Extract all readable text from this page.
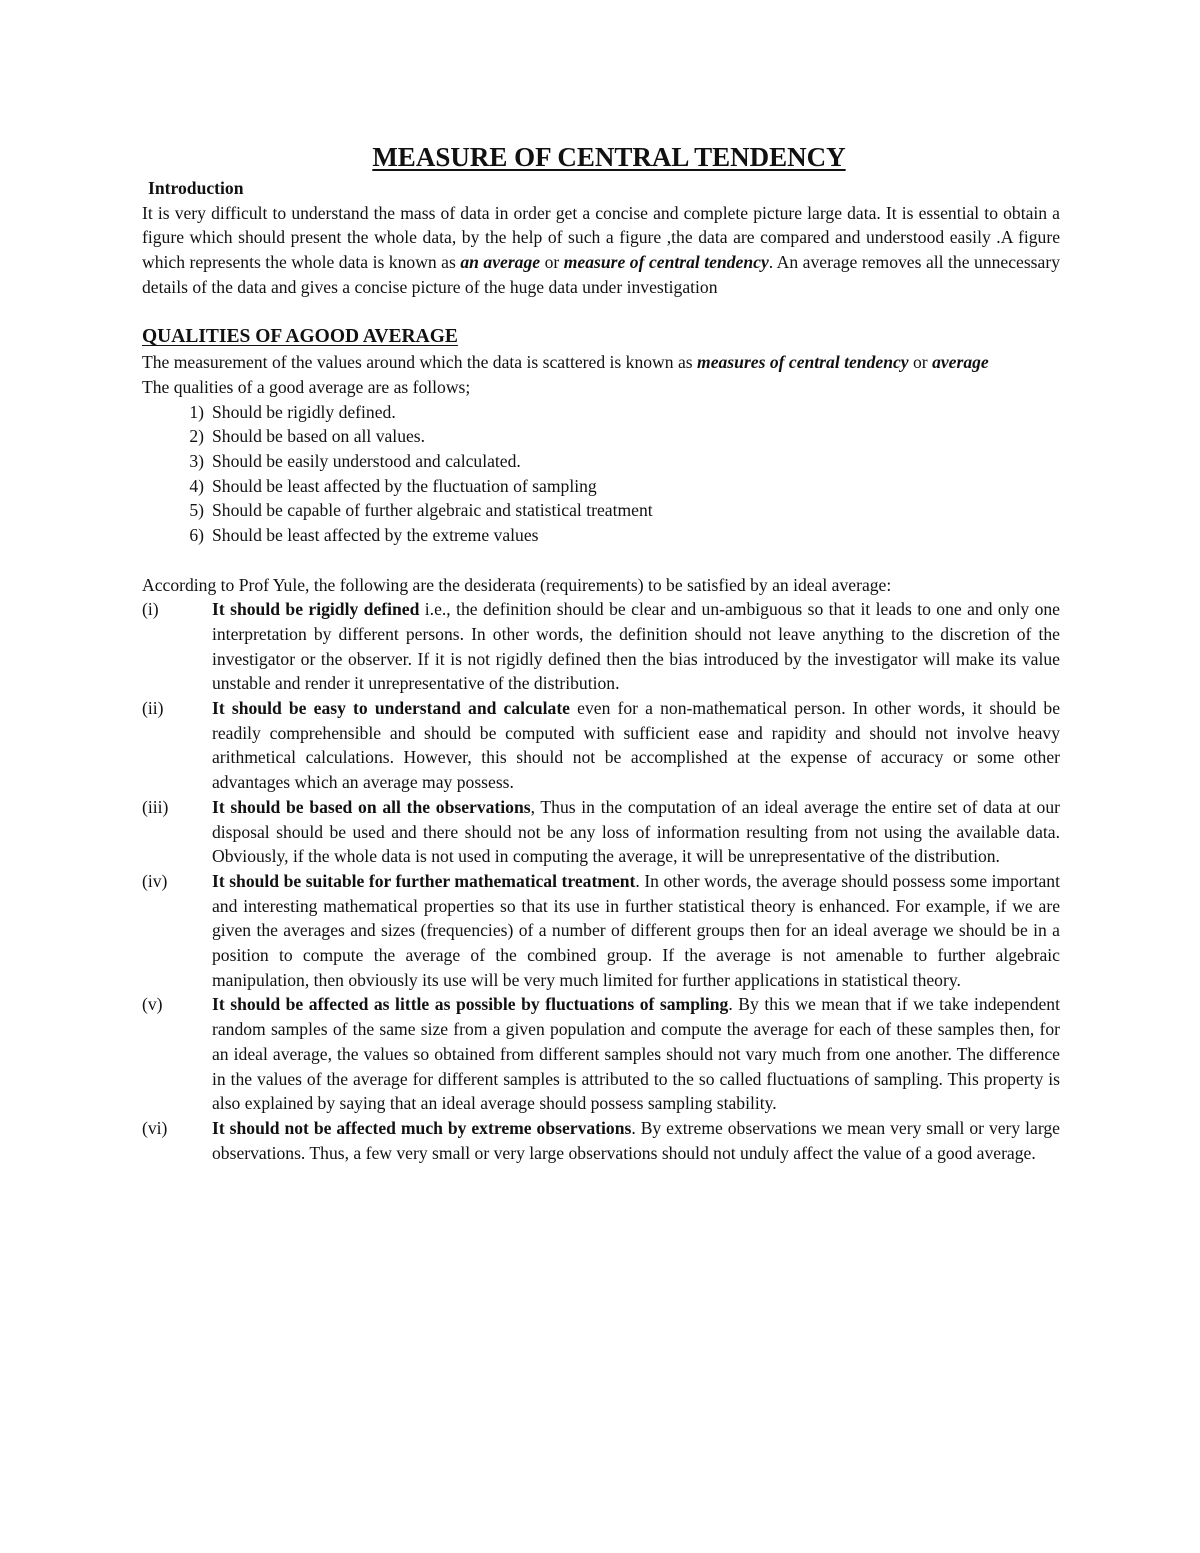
MEASURE OF CENTRAL TENDENCY
Introduction

It is very difficult to understand the mass of data in order get a concise and complete picture large data. It is essential to obtain a figure which should present the whole data, by the help of such a figure ,the data are compared and understood easily .A figure which represents the whole data is known as an average or measure of central tendency. An average removes all the unnecessary details of the data and gives a concise picture of the huge data under investigation

QUALITIES OF AGOOD AVERAGE

The measurement of the values around which the data is scattered is known as measures of central tendency or average

The qualities of a good average are as follows;

1) Should be rigidly defined.
2) Should be based on all values.
3) Should be easily understood and calculated.
4) Should be least affected by the fluctuation of sampling
5) Should be capable of further algebraic and statistical treatment
6) Should be least affected by the extreme values

According to Prof Yule, the following are the desiderata (requirements) to be satisfied by an ideal average:

(i)	It should be rigidly defined i.e., the definition should be clear and un-ambiguous so that it leads to one and only one interpretation by different persons. In other words, the definition should not leave anything to the discretion of the investigator or the observer. If it is not rigidly defined then the bias introduced by the investigator will make its value unstable and render it unrepresentative of the distribution.
(ii)	It should be easy to understand and calculate even for a non-mathematical person. In other words, it should be readily comprehensible and should be computed with sufficient ease and rapidity and should not involve heavy arithmetical calculations. However, this should not be accomplished at the expense of accuracy or some other advantages which an average may possess.
(iii)	It should be based on all the observations, Thus in the computation of an ideal average the entire set of data at our disposal should be used and there should not be any loss of information resulting from not using the available data. Obviously, if the whole data is not used in computing the average, it will be unrepresentative of the distribution.
(iv)	It should be suitable for further mathematical treatment. In other words, the average should possess some important and interesting mathematical properties so that its use in further statistical theory is enhanced. For example, if we are given the averages and sizes (frequencies) of a number of different groups then for an ideal average we should be in a position to compute the average of the combined group. If the average is not amenable to further algebraic manipulation, then obviously its use will be very much limited for further applications in statistical theory.
(v)	It should be affected as little as possible by fluctuations of sampling. By this we mean that if we take independent random samples of the same size from a given population and compute the average for each of these samples then, for an ideal average, the values so obtained from different samples should not vary much from one another. The difference in the values of the average for different samples is attributed to the so called fluctuations of sampling. This property is also explained by saying that an ideal average should possess sampling stability.
(vi)	It should not be affected much by extreme observations. By extreme observations we mean very small or very large observations. Thus, a few very small or very large observations should not unduly affect the value of a good average.
